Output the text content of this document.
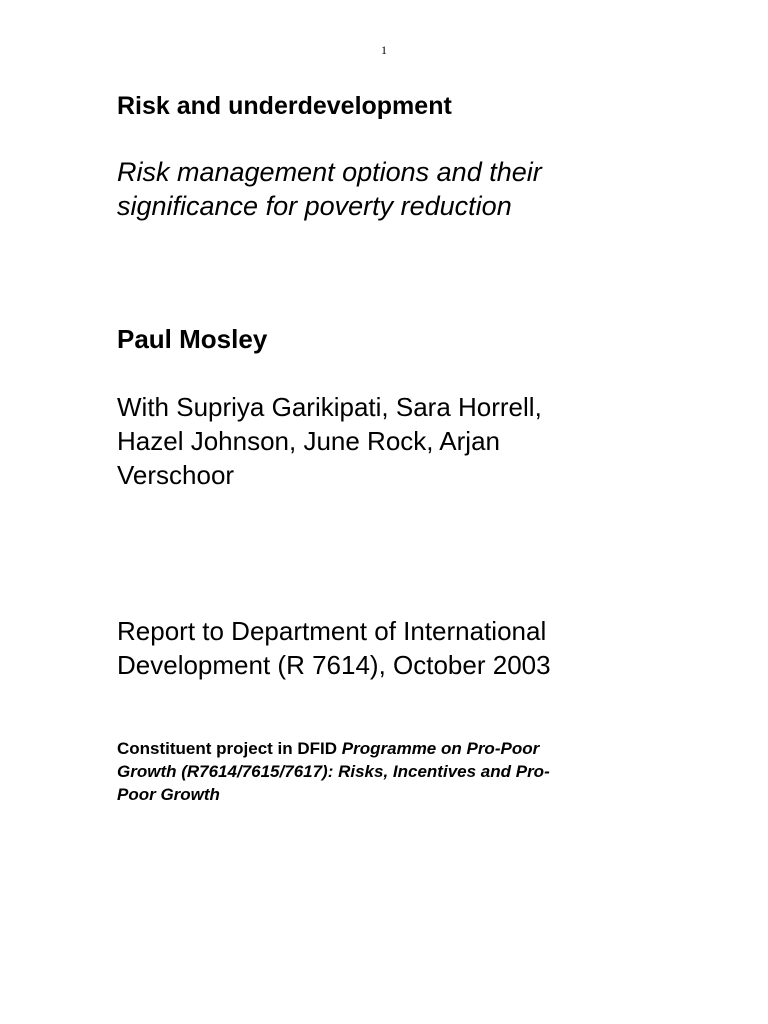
1
Risk and underdevelopment
Risk management options and their
significance for poverty reduction
Paul Mosley
With Supriya Garikipati, Sara Horrell,
Hazel Johnson, June Rock, Arjan
Verschoor
Report to Department of International
Development (R 7614), October 2003
Constituent project in DFID Programme on Pro-Poor
Growth (R7614/7615/7617): Risks, Incentives and Pro-
Poor Growth
